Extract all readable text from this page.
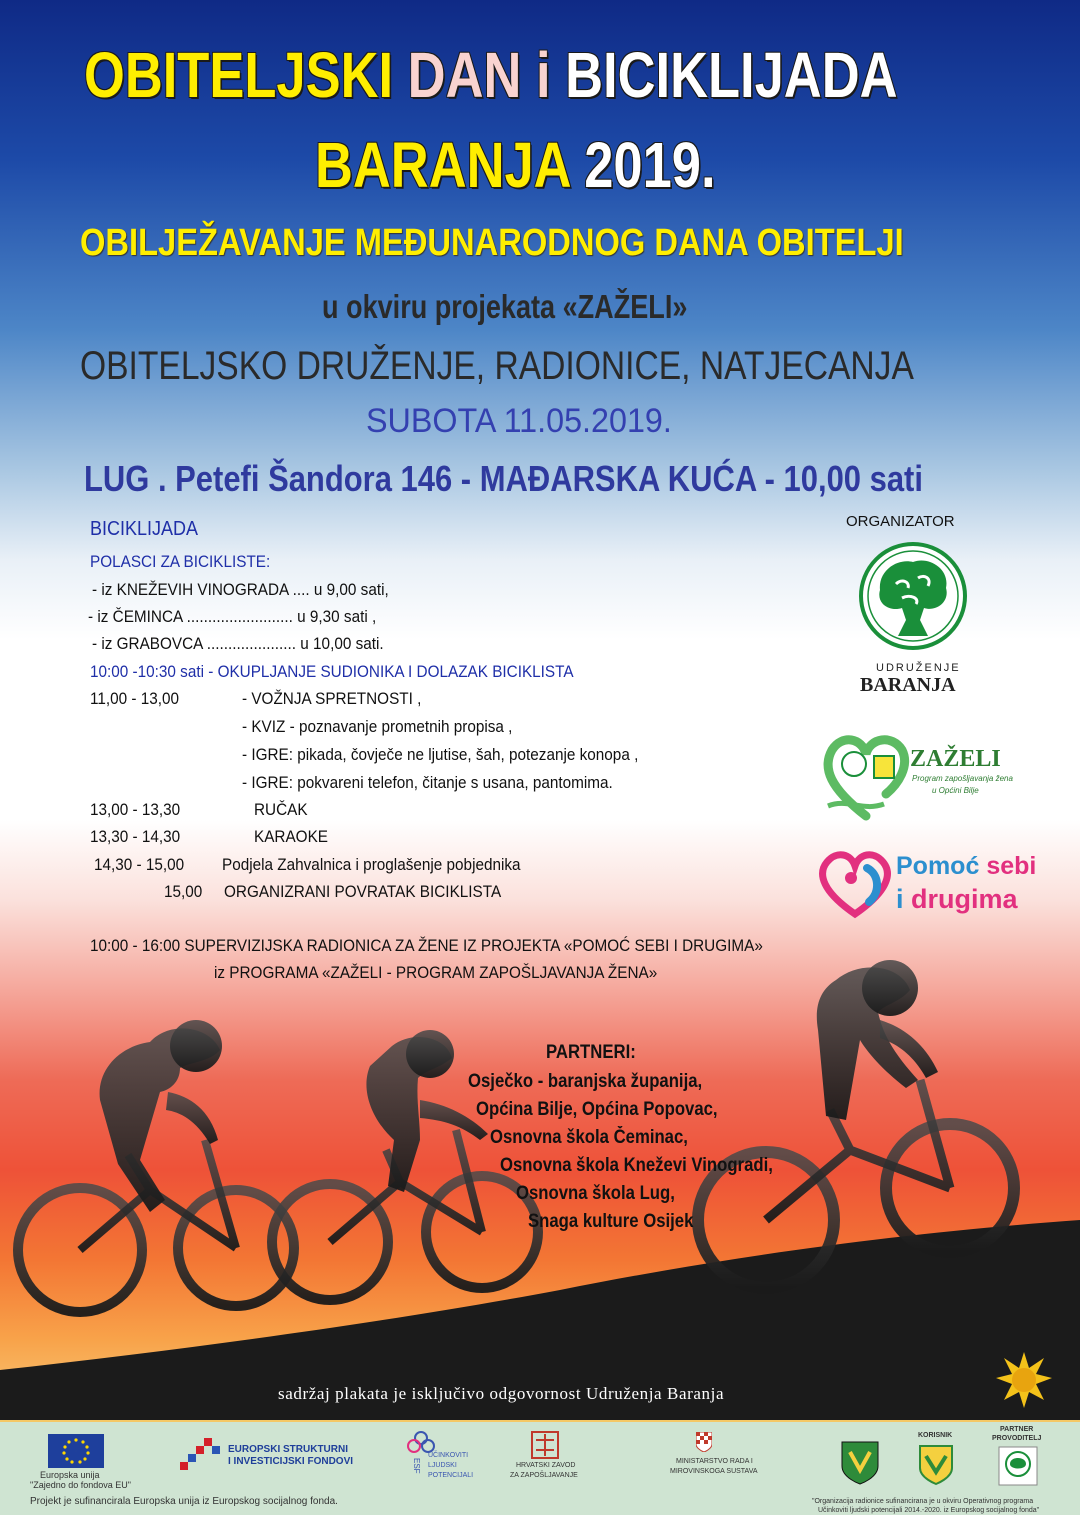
OBITELJSKI DAN i BICIKLIJADA
BARANJA 2019.
OBILJEŽAVANJE MEĐUNARODNOG DANA OBITELJI
u okviru projekata «ZAŽELI»
OBITELJSKO DRUŽENJE, RADIONICE, NATJECANJA
SUBOTA 11.05.2019.
LUG . Petefi Šandora 146 - MAĐARSKA KUĆA - 10,00 sati
BICIKLIJADA
POLASCI ZA BICIKLISTE:
- iz KNEŽEVIH VINOGRADA .... u 9,00 sati,
- iz ČEMINCA ......................... u 9,30 sati ,
- iz GRABOVCA ..................... u 10,00 sati.
10:00 -10:30 sati - OKUPLJANJE SUDIONIKA I DOLAZAK BICIKLISTA
11,00 - 13,00	- VOŽNJA SPRETNOSTI ,
- KVIZ - poznavanje prometnih propisa ,
- IGRE: pikada, čovječe ne ljutise, šah, potezanje konopa ,
- IGRE: pokvareni telefon, čitanje s usana, pantomima.
13,00 - 13,30	RUČAK
13,30 - 14,30	KARAOKE
14,30 - 15,00 Podjela Zahvalnica i proglašenje pobjednika
15,00 ORGANIZRANI POVRATAK BICIKLISTA
10:00 - 16:00 SUPERVIZIJSKA RADIONICA ZA ŽENE IZ PROJEKTA «POMOĆ SEBI I DRUGIMA»
iz PROGRAMA «ZAŽELI - PROGRAM ZAPOŠLJAVANJA ŽENA»
ORGANIZATOR
UDRUŽENJE
BARANJA
ZAŽELI
Program zapošljavanja žena
u Općini Bilje
Pomoć sebi
i drugima
PARTNERI:
Osječko - baranjska županija,
Općina Bilje, Općina Popovac,
Osnovna škola Čeminac,
Osnovna škola Kneževi Vinogradi,
Osnovna škola Lug,
Snaga kulture Osijek
sadržaj plakata je isključivo odgovornost Udruženja Baranja
Europska unija
"Zajedno do fondova EU"
EUROPSKI STRUKTURNI
I INVESTICIJSKI FONDOVI	ESF
UČINKOVITI
LJUDSKI
POTENCIJALI
HRVATSKI ZAVOD
ZA ZAPOŠLJAVANJE
MINISTARSTVO RADA I
MIROVINSKOGA SUSTAVA
Projekt je sufinancirala Europska unija iz Europskog socijalnog fonda.
KORISNIK
PARTNER
PROVODITELJ
"Organizacija radionice sufinancirana je u okviru Operativnog programa
Učinkoviti ljudski potencijali 2014.-2020. iz Europskog socijalnog fonda"
